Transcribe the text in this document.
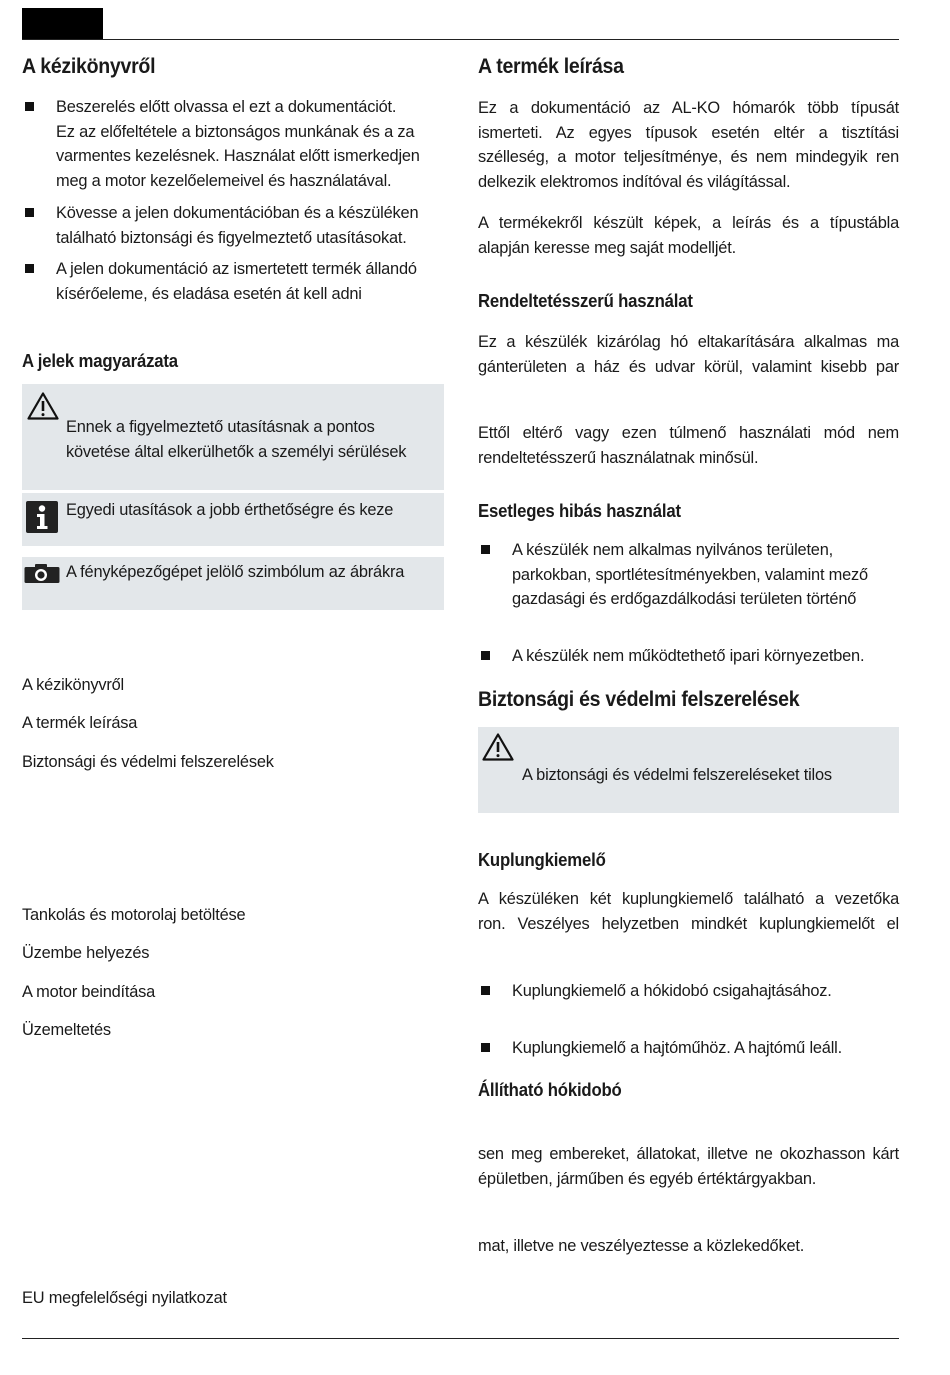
A kézikönyvről
Beszerelés előtt olvassa el ezt a dokumentációt.
Ez az előfeltétele a biztonságos munkának és a za
varmentes kezelésnek. Használat előtt ismerkedjen
meg a motor kezelőelemeivel és használatával.
Kövesse a jelen dokumentációban és a készüléken
található biztonsági és figyelmeztető utasításokat.
A jelen dokumentáció az ismertetett termék állandó
kísérőeleme, és eladása esetén át kell adni
A jelek magyarázata
Ennek a figyelmeztető utasításnak a pontos
követése által elkerülhetők a személyi sérülések
Egyedi utasítások a jobb érthetőségre és keze
A fényképezőgépet jelölő szimbólum az ábrákra
A kézikönyvről
A termék leírása
Biztonsági és védelmi felszerelések
Tankolás és motorolaj betöltése
Üzembe helyezés
A motor beindítása
Üzemeltetés
EU megfelelőségi nyilatkozat
A termék leírása
Ez a dokumentáció az AL-KO hómarók több típusát
ismerteti. Az egyes típusok esetén eltér a tisztítási
szélleség, a motor teljesítménye, és nem mindegyik ren
delkezik elektromos indítóval és világítással.
A termékekről készült képek, a leírás és a típustábla
alapján keresse meg saját modelljét.
Rendeltetésszerű használat
Ez a készülék kizárólag hó eltakarítására alkalmas ma
gánterületen a ház és udvar körül, valamint kisebb par
Ettől eltérő vagy ezen túlmenő használati mód nem
rendeltetésszerű használatnak minősül.
Esetleges hibás használat
A készülék nem alkalmas nyilvános területen,
parkokban, sportlétesítményekben, valamint mező
gazdasági és erdőgazdálkodási területen történő
A készülék nem működtethető ipari környezetben.
Biztonsági és védelmi felszerelések
A biztonsági és védelmi felszereléseket tilos
Kuplungkiemelő
A készüléken két kuplungkiemelő található a vezetőka
ron. Veszélyes helyzetben mindkét kuplungkiemelőt el
Kuplungkiemelő a hókidobó csigahajtásához.
Kuplungkiemelő a hajtóműhöz. A hajtómű leáll.
Állítható hókidobó
sen meg embereket, állatokat, illetve ne okozhasson kárt
épületben, járműben és egyéb értéktárgyakban.
mat, illetve ne veszélyeztesse a közlekedőket.
